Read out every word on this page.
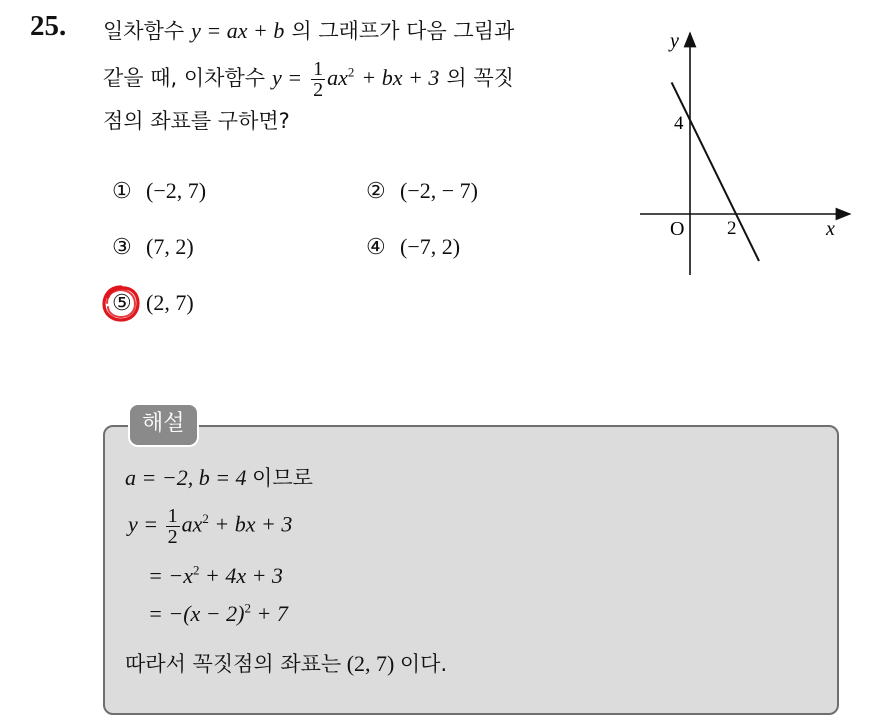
25. 일차함수 y = ax + b 의 그래프가 다음 그림과
같을 때, 이차함수 $y = \frac{1}{2} ax^2$ + bx + 3 의 꼭짓
점의 좌표를 구하면?
① (−2, 7)	② (−2, − 7)
③ (7, 2)	④ (−7, 2)
⑤ (2, 7)
y
x
O
4
2
해설
a = −2, b = 4 이므로
$y = \frac{1}{2} ax^2$ + bx + 3
= $-x^2 + 4x + 3$
= $-(x - 2)^2 + 7$
따라서 꼭짓점의 좌표는 (2, 7) 이다.
